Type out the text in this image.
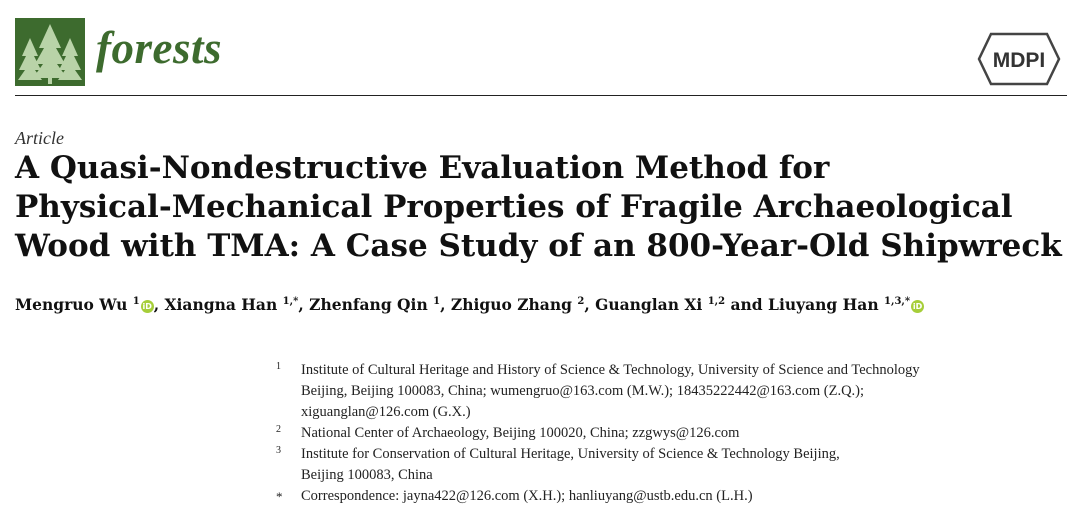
forests	MDPI
Article
A Quasi-Nondestructive Evaluation Method for
Physical-Mechanical Properties of Fragile Archaeological
Wood with TMA: A Case Study of an 800-Year-Old Shipwreck
Mengruo Wu $^1$ iD , Xiangna Han $^{1,*}$, Zhenfang Qin $^1$, Zhiguo Zhang $^2$, Guanglan Xi $^{1,2}$ and Liuyang Han $^{1,3,*}$ iD
1 Institute of Cultural Heritage and History of Science & Technology, University of Science and Technology
Beijing, Beijing 100083, China; wumengruo@163.com (M.W.); 18435222442@163.com (Z.Q.);
xiguanglan@126.com (G.X.)
2 National Center of Archaeology, Beijing 100020, China; zzgwys@126.com
3 Institute for Conservation of Cultural Heritage, University of Science & Technology Beijing,
Beijing 100083, China
* Correspondence: jayna422@126.com (X.H.); hanliuyang@ustb.edu.cn (L.H.)
